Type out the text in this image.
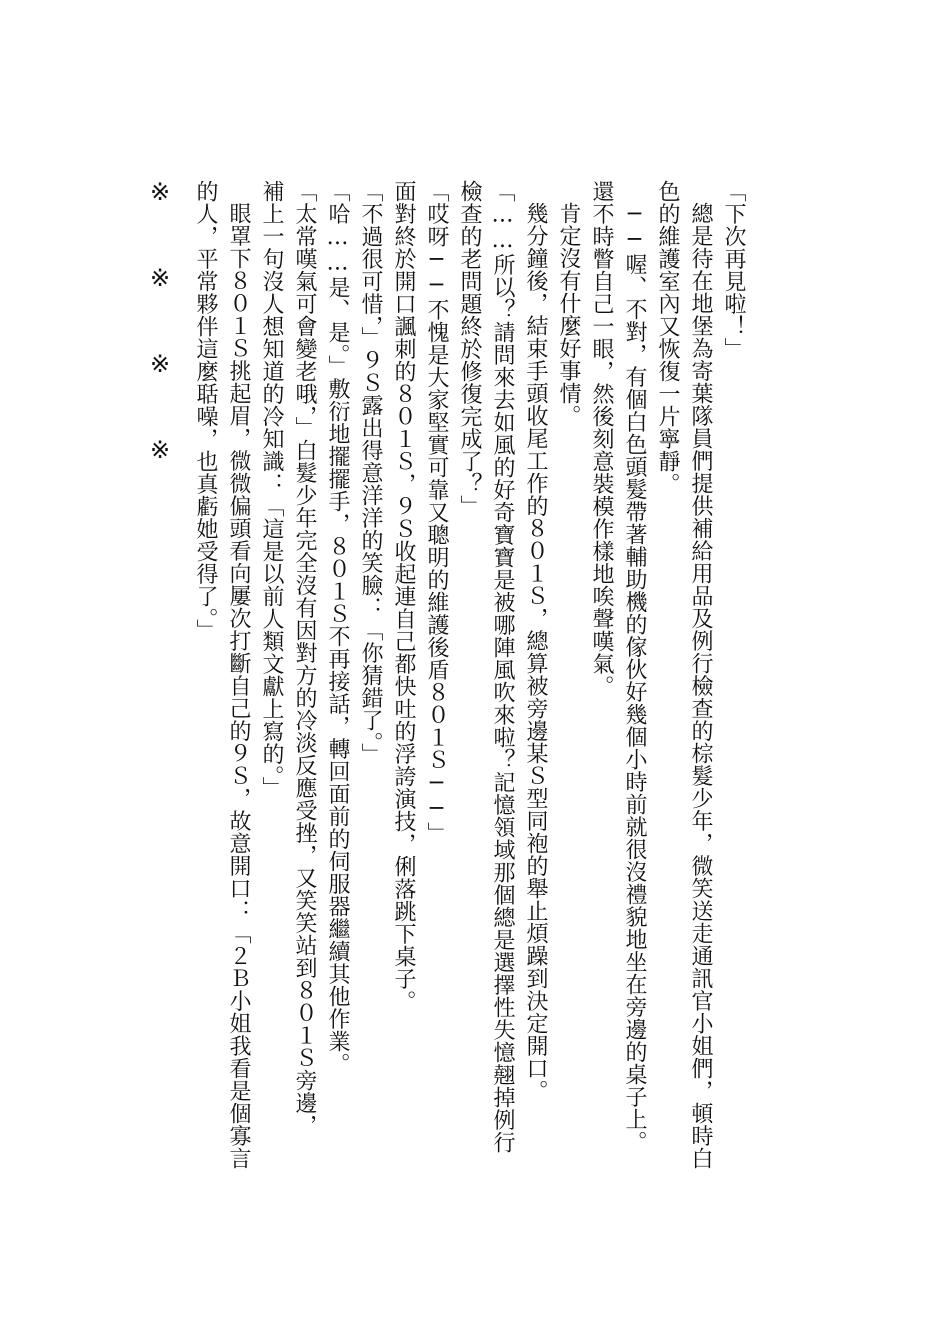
「下次再見啦！」

總是待在地堡為寄葉隊員們提供補給用品及例行檢查的棕髮少年，微笑送走通訊官小姐們，頓時白

色的維護室內又恢復一片寧靜。

──喔、不對，有個白色頭髮帶著輔助機的傢伙好幾個小時前就很沒禮貌地坐在旁邊的桌子上。

還不時瞥自己一眼，然後刻意裝模作樣地唉聲嘆氣。

肯定沒有什麼好事情。

幾分鐘後，結束手頭收尾工作的８０１Ｓ，總算被旁邊某Ｓ型同袍的舉止煩躁到決定開口。

「……所以？請問來去如風的好奇寶寶是被哪陣風吹來啦？記憶領域那個總是選擇性失憶翹掉例行

檢查的老問題終於修復完成了？」

「哎呀──不愧是大家堅實可靠又聰明的維護後盾８０１Ｓ──」

面對終於開口諷刺的８０１Ｓ，９Ｓ收起連自己都快吐的浮誇演技，俐落跳下桌子。

「不過很可惜，」９Ｓ露出得意洋洋的笑臉：「你猜錯了。」

「哈……是、是。」敷衍地擺擺手，８０１Ｓ不再接話，轉回面前的伺服器繼續其他作業。

「太常嘆氣可會變老哦，」白髮少年完全沒有因對方的冷淡反應受挫，又笑笑站到８０１Ｓ旁邊，

補上一句沒人想知道的冷知識：「這是以前人類文獻上寫的。」

眼罩下８０１Ｓ挑起眉，微微偏頭看向屢次打斷自己的９Ｓ，故意開口：「２Ｂ小姐我看是個寡言

的人，平常夥伴這麼聒噪，也真虧她受得了。」

※※※※
